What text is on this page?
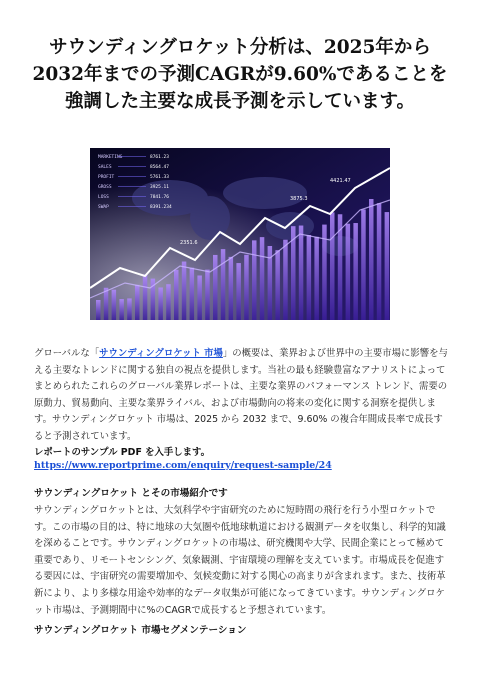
サウンディングロケット分析は、2025年から
2032年までの予測CAGRが9.60%であることを
強調した主要な成長予測を示しています。
MARKETING	8761.23
SALES	8564.47
PROFIT	5761.33
GROSS	3925.11
LOSS	7841.76
SWAP	8391.234
3875.3
4421.47
2351.6
グローバルな「サウンディングロケット 市場」の概要は、業界および世界中の主要市場に影響を与える主要なトレンドに関する独自の視点を提供します。当社の最も経験豊富なアナリストによってまとめられたこれらのグローバル業界レポートは、主要な業界のパフォーマンス トレンド、需要の原動力、貿易動向、主要な業界ライバル、および市場動向の将来の変化に関する洞察を提供します。サウンディングロケット 市場は、2025 から 2032 まで、9.60% の複合年間成長率で成長すると予測されています。
レポートのサンプル PDF を入手します。 https://www.reportprime.com/enquiry/request-sample/24
サウンディングロケット とその市場紹介です
サウンディングロケットとは、大気科学や宇宙研究のために短時間の飛行を行う小型ロケットです。この市場の目的は、特に地球の大気圏や低地球軌道における観測データを収集し、科学的知識を深めることです。サウンディングロケットの市場は、研究機関や大学、民間企業にとって極めて重要であり、リモートセンシング、気象観測、宇宙環境の理解を支えています。市場成長を促進する要因には、宇宙研究の需要増加や、気候変動に対する関心の高まりが含まれます。また、技術革新により、より多様な用途や効率的なデータ収集が可能になってきています。サウンディングロケット市場は、予測期間中に%のCAGRで成長すると予想されています。
サウンディングロケット 市場セグメンテーション
